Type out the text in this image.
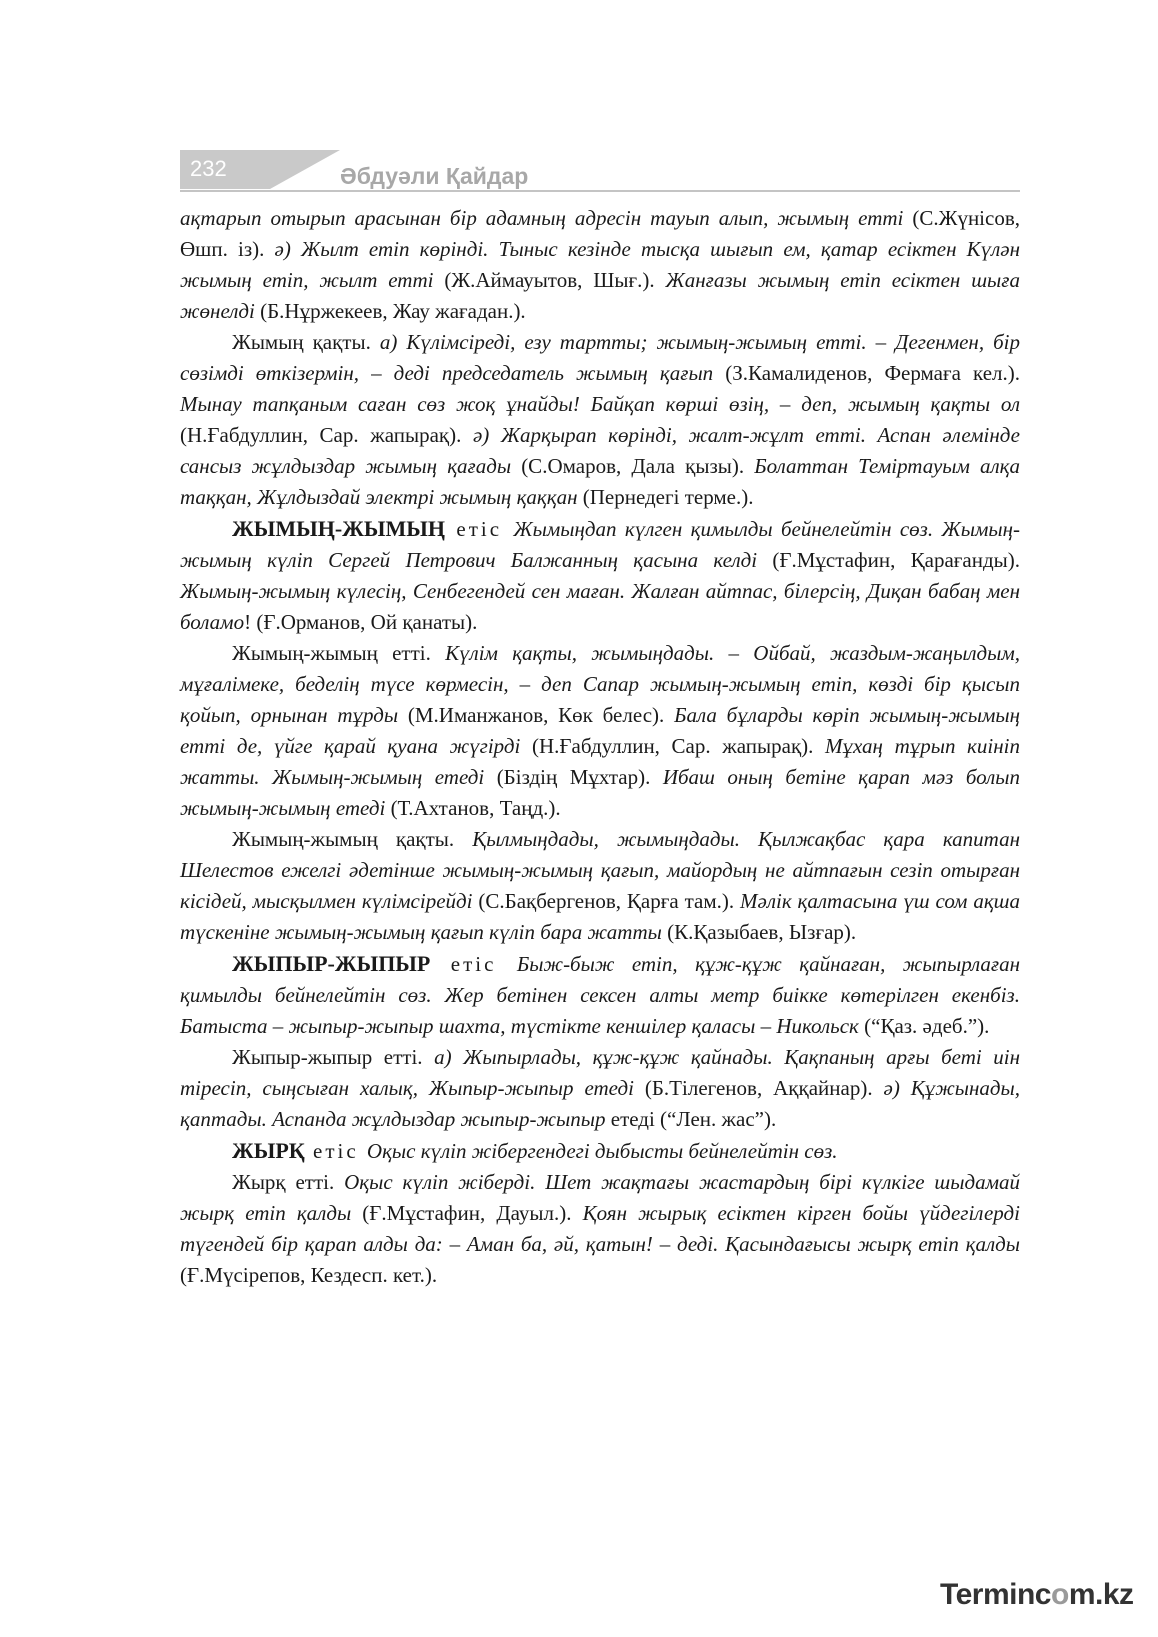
232	Әбдуәли Қайдар

ақтарып отырып арасынан бір адамның адресін тауып алып, жымың етті (С.Жүнісов, Өшп. із). ә) Жылт етіп көрінді. Тыныс кезінде тысқа шығып ем, қатар есіктен Күлән жымың етіп, жылт етті (Ж.Аймауытов, Шығ.). Жанғазы жымың етіп есіктен шыға жөнелді (Б.Нұржекеев, Жау жағадан.).

Жымың қақты. а) Күлімсіреді, езу тартты; жымың-жымың етті. – Дегенмен, бір сөзімді өткізермін, – деді председатель жымың қағып (З.Камалиденов, Фермаға кел.). Мынау тапқаным саған сөз жоқ ұнайды! Байқап көрші өзің, – деп, жымың қақты ол (Н.Ғабдуллин, Сар. жапырақ). ә) Жарқырап көрінді, жалт-жұлт етті. Аспан әлемінде сансыз жұлдыздар жымың қағады (С.Омаров, Дала қызы). Болаттан Теміртауым алқа таққан, Жұлдыздай электрі жымың қаққан (Пернедегі терме.).

ЖЫМЫҢ-ЖЫМЫҢ етіс Жымыңдап күлген қимылды бейнелейтін сөз. Жымың-жымың күліп Сергей Петрович Балжанның қасына келді (Ғ.Мұстафин, Қарағанды). Жымың-жымың күлесің, Сенбегендей сен маған. Жалған айтпас, білерсің, Диқан бабаң мен боламо! (Ғ.Орманов, Ой қанаты).

Жымың-жымың етті. Күлім қақты, жымыңдады. – Ойбай, жаздым-жаңылдым, мұғалімеке, беделің түсе көрмесін, – деп Сапар жымың-жымың етіп, көзді бір қысып қойып, орнынан тұрды (М.Иманжанов, Көк белес). Бала бұларды көріп жымың-жымың етті де, үйге қарай қуана жүгірді (Н.Ғабдуллин, Сар. жапырақ). Мұхаң тұрып киініп жатты. Жымың-жымың етеді (Біздің Мұхтар). Ибаш оның бетіне қарап мәз болып жымың-жымың етеді (Т.Ахтанов, Таңд.).

Жымың-жымың қақты. Қылмыңдады, жымыңдады. Қылжақбас қара капитан Шелестов ежелгі әдетінше жымың-жымың қағып, майордың не айтпағын сезіп отырған кісідей, мысқылмен күлімсірейді (С.Бақбергенов, Қарға там.). Мәлік қалтасына үш сом ақша түскеніне жымың-жымың қағып күліп бара жатты (К.Қазыбаев, Ызғар).

ЖЫПЫР-ЖЫПЫР етіс Быж-быж етіп, құж-құж қайнаған, жыпырлаған қимылды бейнелейтін сөз. Жер бетінен сексен алты метр биікке көтерілген екенбіз. Батыста – жыпыр-жыпыр шахта, түстікте кеншілер қаласы – Никольск (“Қаз. әдеб.”).

Жыпыр-жыпыр етті. а) Жыпырлады, құж-құж қайнады. Қақпаның арғы беті иін тіресіп, сыңсыған халық, Жыпыр-жыпыр етеді (Б.Тілегенов, Аққайнар). ә) Құжынады, қаптады. Аспанда жұлдыздар жыпыр-жыпыр етеді (“Лен. жас”).

ЖЫРҚ етіс Оқыс күліп жібергендегі дыбысты бейнелейтін сөз.

Жырқ етті. Оқыс күліп жіберді. Шет жақтағы жастардың бірі күлкіге шыдамай жырқ етіп қалды (Ғ.Мұстафин, Дауыл.). Қоян жырық есіктен кірген бойы үйдегілерді түгендей бір қарап алды да: – Аман ба, әй, қатын! – деді. Қасындағысы жырқ етіп қалды (Ғ.Мүсірепов, Кездесп. кет.).

Termincom.kz
